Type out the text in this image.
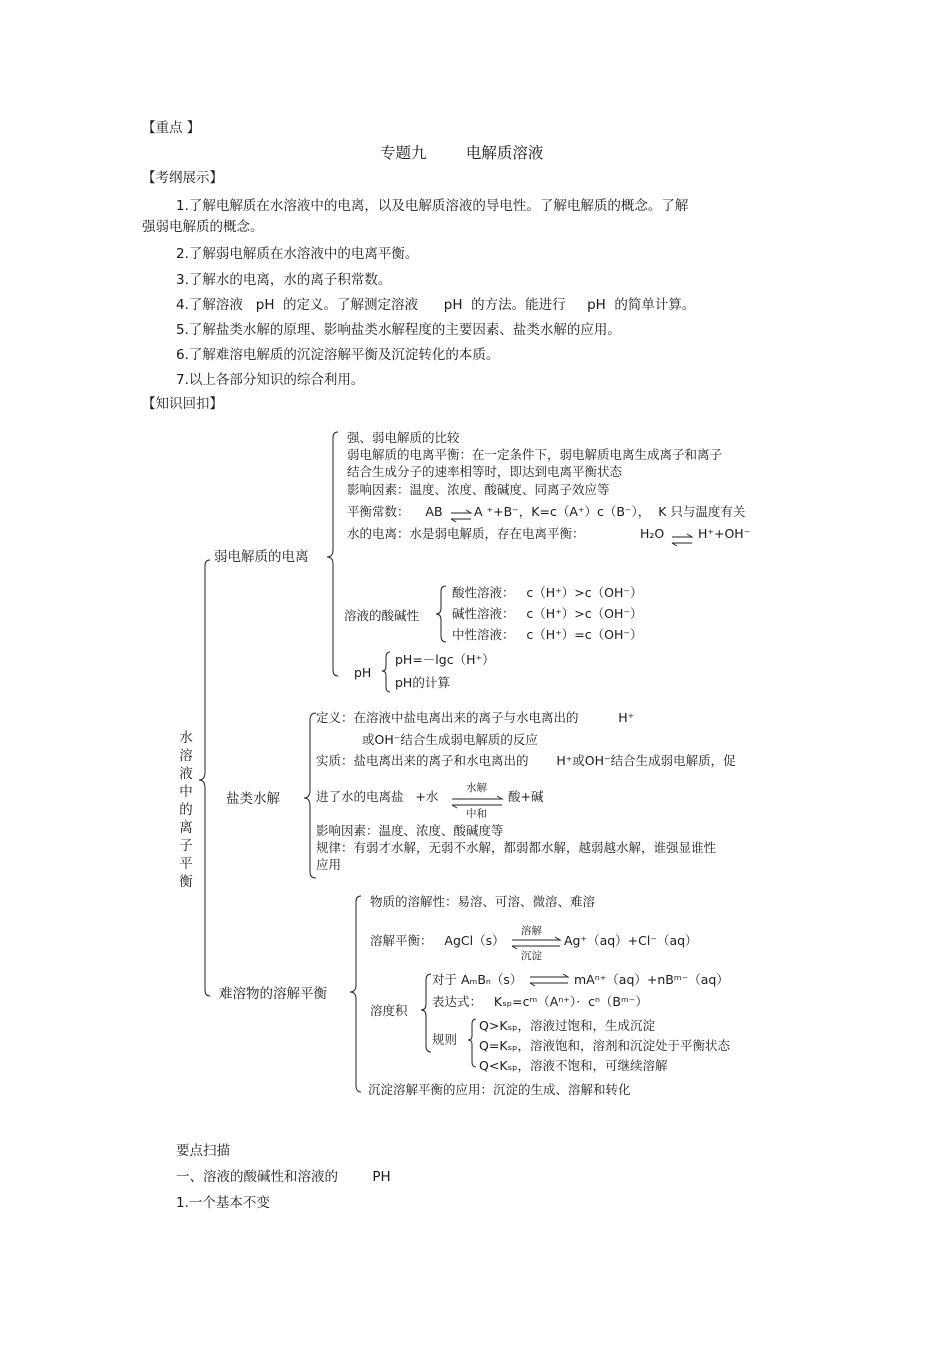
【重点 】
专题九        电解质溶液
【考纲展示】
1.了解电解质在水溶液中的电离，以及电解质溶液的导电性。了解电解质的概念。了解
强弱电解质的概念。
2.了解弱电解质在水溶液中的电离平衡。
3.了解水的电离，水的离子积常数。
4.了解溶液   pH  的定义。了解测定溶液      pH  的方法。能进行     pH  的简单计算。
5.了解盐类水解的原理、影响盐类水解程度的主要因素、盐类水解的应用。
6.了解难溶电解质的沉淀溶解平衡及沉淀转化的本质。
7.以上各部分知识的综合利用。
【知识回扣】
水
溶
液
中
的
离
子
平
衡
弱电解质的电离
强、弱电解质的比较
弱电解质的电离平衡：在一定条件下，弱电解质电离生成离子和离子
结合生成分子的速率相等时，即达到电离平衡状态
影响因素：温度、浓度、酸碱度、同离子效应等
平衡常数：    AB	A ⁺+B⁻，K=c（A⁺）c（B⁻），  K 只与温度有关
水的电离：水是弱电解质，存在电离平衡：	H₂O	H⁺+OH⁻
溶液的酸碱性
酸性溶液：   c（H⁺）>c（OH⁻）
碱性溶液：   c（H⁺）>c（OH⁻）
中性溶液：   c（H⁺）=c（OH⁻）
pH
pH=－lgc（H⁺）
pH的计算
盐类水解
定义：在溶液中盐电离出来的离子与水电离出的          H⁺
或OH⁻结合生成弱电解质的反应
实质：盐电离出来的离子和水电离出的       H⁺或OH⁻结合生成弱电解质，促
进了水的电离盐   +水
水解
中和
酸+碱
影响因素：温度、浓度、酸碱度等
规律：有弱才水解，无弱不水解，都弱都水解，越弱越水解，谁强显谁性
应用
难溶物的溶解平衡
物质的溶解性：易溶、可溶、微溶、难溶
溶解平衡：   AgCl（s）
溶解
沉淀
Ag⁺（aq）+Cl⁻（aq）
溶度积
对于 AₘBₙ（s）	mAⁿ⁺（aq）+nBᵐ⁻（aq）
表达式：   Kₛₚ=cᵐ（Aⁿ⁺）·  cⁿ（Bᵐ⁻）
规则
Q>Kₛₚ，溶液过饱和，生成沉淀
Q=Kₛₚ，溶液饱和，溶剂和沉淀处于平衡状态
Q<Kₛₚ，溶液不饱和，可继续溶解
沉淀溶解平衡的应用：沉淀的生成、溶解和转化
要点扫描
一、溶液的酸碱性和溶液的        PH
1.一个基本不变
